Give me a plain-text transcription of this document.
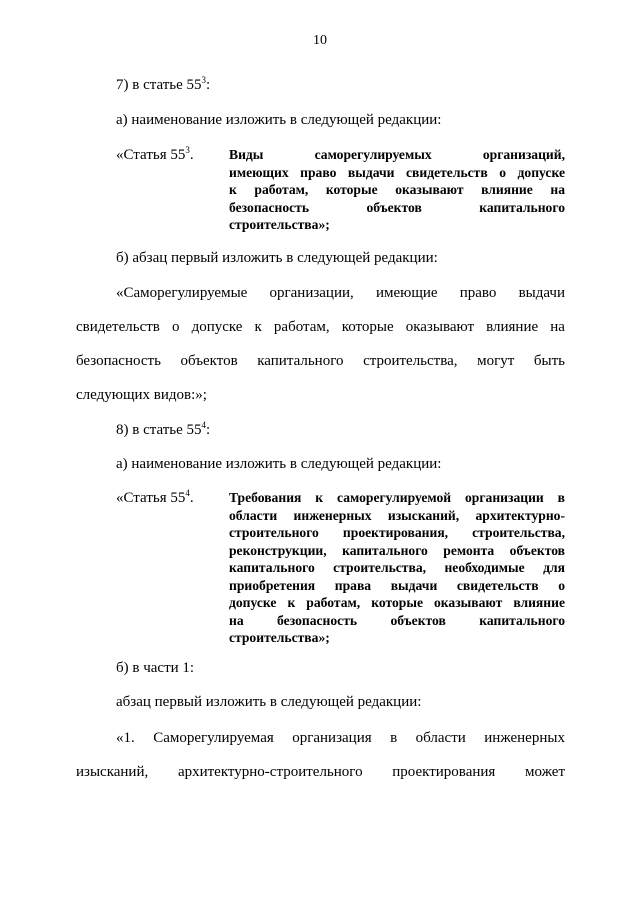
10
7) в статье $55^3$:
а) наименование изложить в следующей редакции:
«Статья $55^3$.	Виды саморегулируемых организаций,
имеющих право выдачи свидетельств о допуске
к работам, которые оказывают влияние на
безопасность объектов капитального
строительства»;
б) абзац первый изложить в следующей редакции:
«Саморегулируемые организации, имеющие право выдачи
свидетельств о допуске к работам, которые оказывают влияние на
безопасность объектов капитального строительства, могут быть
следующих видов:»;
8) в статье $55^4$:
а) наименование изложить в следующей редакции:
«Статья $55^4$.	Требования к саморегулируемой организации в
области инженерных изысканий, архитектурно-
строительного проектирования, строительства,
реконструкции, капитального ремонта объектов
капитального строительства, необходимые для
приобретения права выдачи свидетельств о
допуске к работам, которые оказывают влияние
на безопасность объектов капитального
строительства»;
б) в части 1:
абзац первый изложить в следующей редакции:
«1. Саморегулируемая организация в области инженерных
изысканий, архитектурно-строительного проектирования может
